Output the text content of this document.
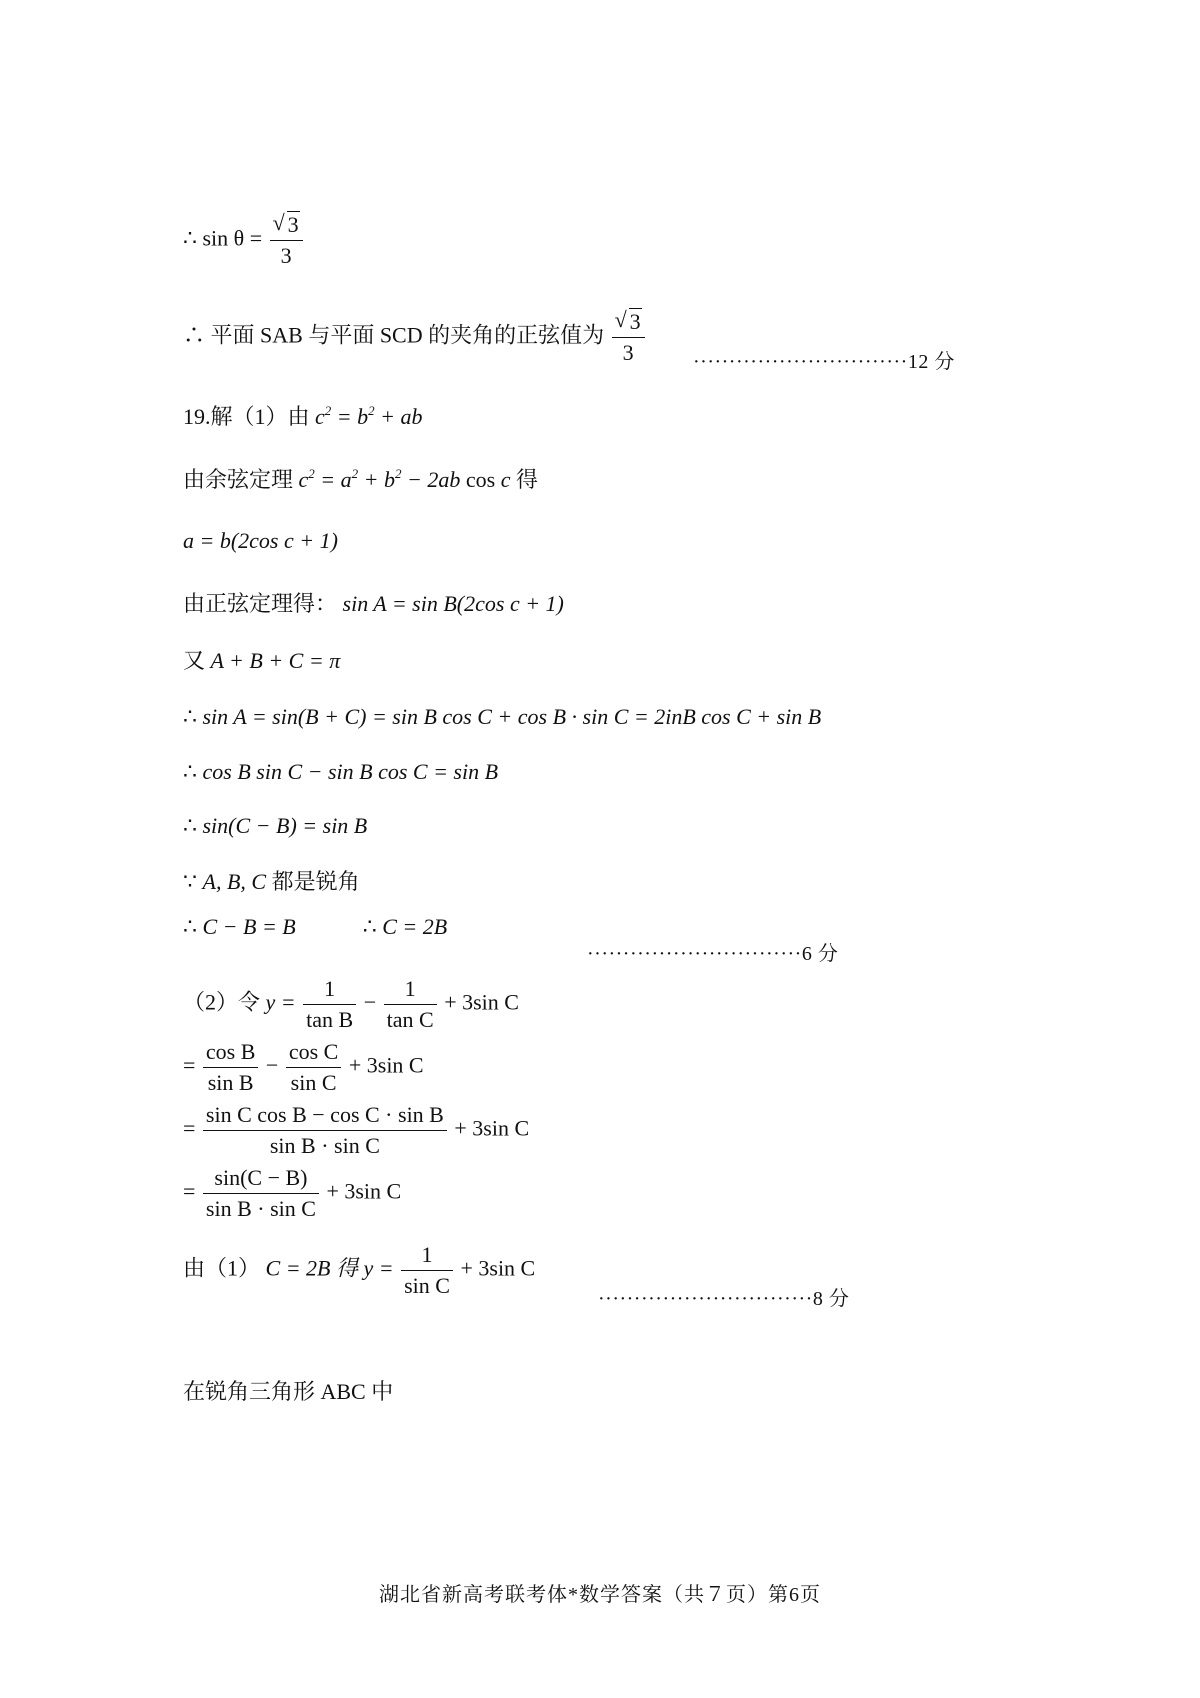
∴ sin θ = √ $\frac{3}{3}$
∴ 平面 SAB 与平面 SCD 的夹角的正弦值为 √ $\frac{3}{3} \cdot\cdot\cdot\cdot\cdot\cdot\cdot\cdot\cdot\cdot\cdot\cdot\cdot\cdot\cdot\cdot\cdot\cdot\cdot\cdot\cdot\cdot\cdot\cdot\cdot\cdot\cdot\cdot\cdot\cdot 12$ 分
19.解（1）由 $c^2 = b^2$ + ab
由余弦定理 $c^2 = a^2 + b^2 - 2ab$ cos c 得
a = b(2cos c + 1)
由正弦定理得： sin A = sin B(2cos c + 1)
又 A + B + C = π
∴ sin A = sin(B + C) = sin B cos C + cos B · sin C = 2inB cos C + sin B
∴ cos B sin C − sin B cos C = sin B
∴ sin(C − B) = sin B
∵ A, B, C 都是锐角
∴ C − B = B	∴ C = 2B
······························6 分
（2）令 $y = \frac{1}{\text{tan B}} - \frac{1}{\text{tan C}} + 3\sin$ C
= $\frac{\text{cos B}}{\text{sin B}} - \frac{\text{cos C}}{\text{sin C}} + 3\sin$ C
= $\frac{\text{sin C cos B − cos C · sin B}}{\text{sin B · sin C}} + 3\sin$ C
= $\frac{\sin(C - B)}{\text{sin B · sin C}} + 3\sin$ C
由（1） C = 2B 得 $y = \frac{1}{\text{sin C}} + 3\sin$ C
······························8 分
在锐角三角形 ABC 中
湖北省新高考联考体*数学答案（共７页）第6页
